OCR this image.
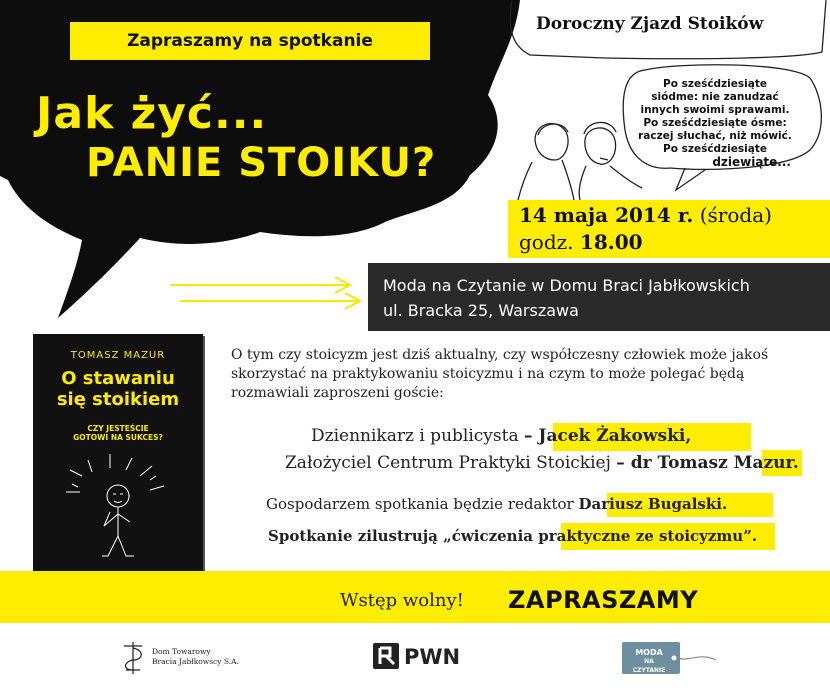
Zapraszamy na spotkanie
Jak żyć...
PANIE STOIKU?
Doroczny Zjazd Stoików
Po sześćdziesiąte
siódme: nie zanudzać
innych swoimi sprawami.
Po sześćdziesiąte ósme:
raczej słuchać, niż mówić.
Po sześćdziesiąte
dziewiąte...
14 maja 2014 r. (środa)
godz. 18.00
Moda na Czytanie w Domu Braci Jabłkowskich
ul. Bracka 25, Warszawa
TOMASZ MAZUR
O stawaniu
się stoikiem
CZY JESTEŚCIE
GOTOWI NA SUKCES?
O tym czy stoicyzm jest dziś aktualny, czy współczesny człowiek może jakoś skorzystać na praktykowaniu stoicyzmu i na czym to może polegać będą rozmawiali zaproszeni goście:
Dziennikarz i publicysta – Jacek Żakowski,
Założyciel Centrum Praktyki Stoickiej – dr Tomasz Mazur.
Gospodarzem spotkania będzie redaktor Dariusz Bugalski.
Spotkanie zilustrują „ćwiczenia praktyczne ze stoicyzmu”.
Wstęp wolny! ZAPRASZAMY
Dom Towarowy
Bracia Jabłkowscy S.A.	PWN	MODA
NA
CZYTANIE
